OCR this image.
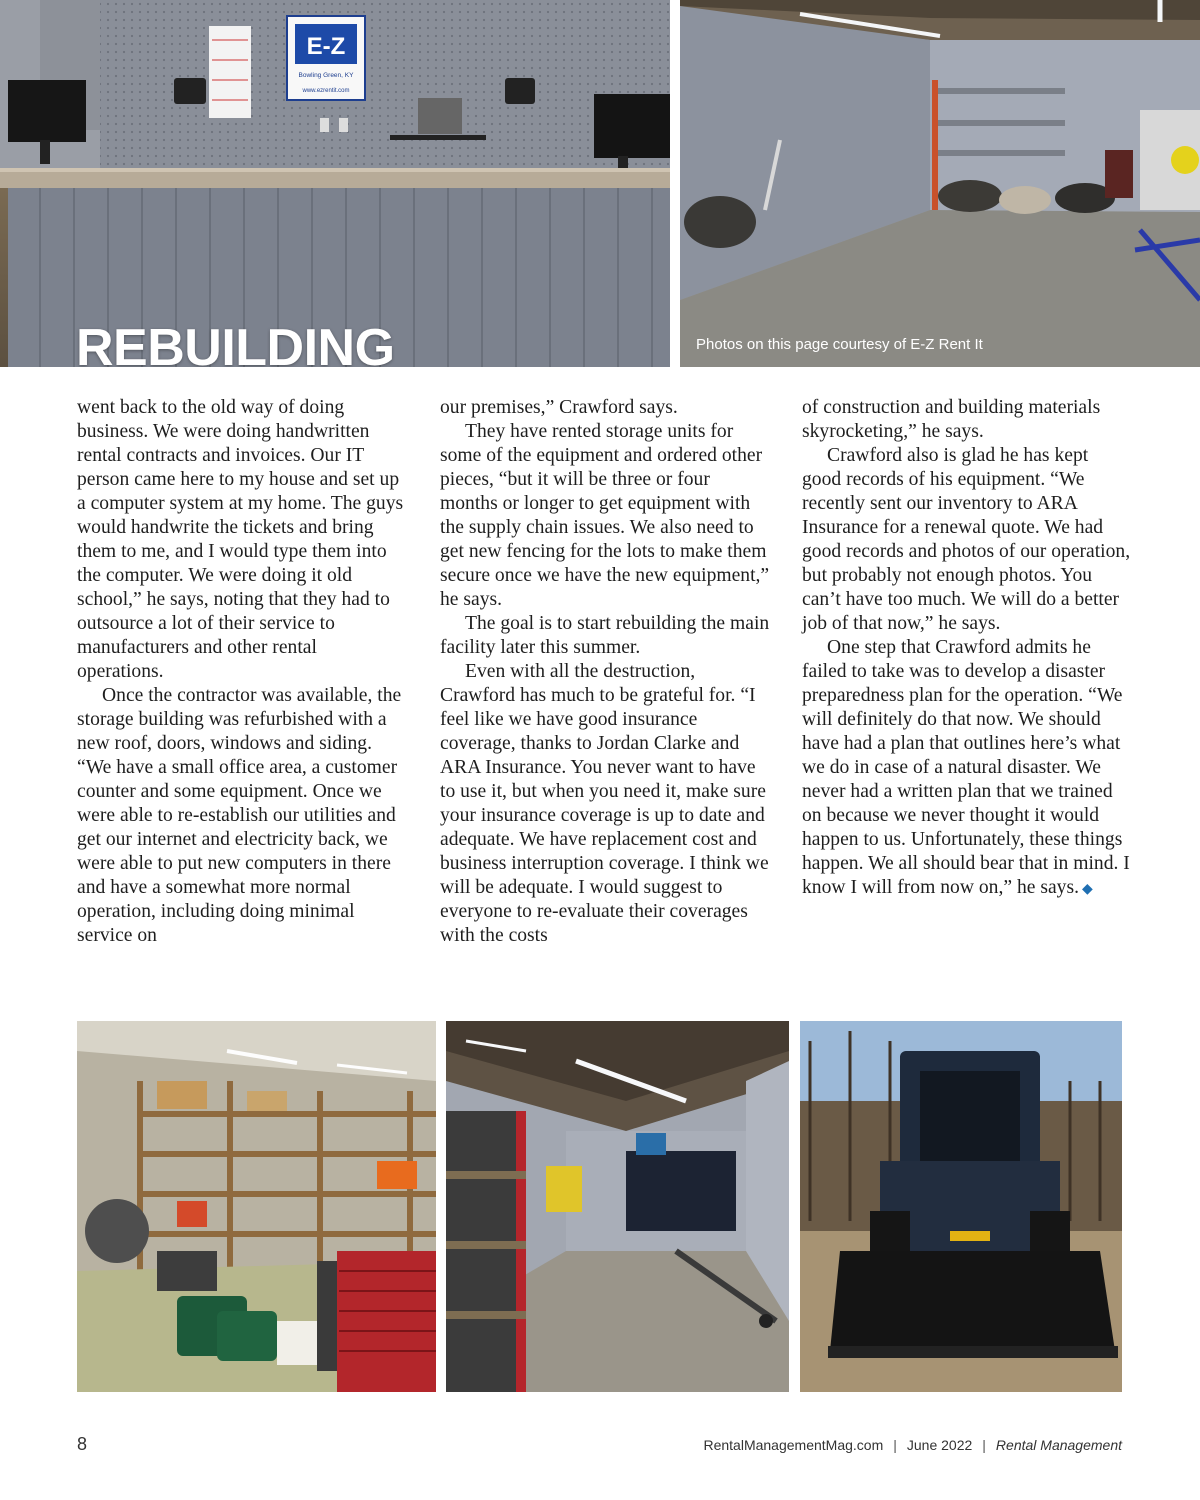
E-Z
Bowling Green, KY
www.ezrentit.com
REBUILDING	Photos on this page courtesy of E-Z Rent It

went back to the old way of doing business. We were doing handwritten rental contracts and invoices. Our IT person came here to my house and set up a computer system at my home. The guys would handwrite the tickets and bring them to me, and I would type them into the computer. We were doing it old school,” he says, noting that they had to outsource a lot of their service to manufacturers and other rental operations.

Once the contractor was available, the storage building was refurbished with a new roof, doors, windows and siding. “We have a small office area, a customer counter and some equipment. Once we were able to re-establish our utilities and get our internet and electricity back, we were able to put new computers in there and have a somewhat more normal operation, including doing minimal service on

our premises,” Crawford says.

They have rented storage units for some of the equipment and ordered other pieces, “but it will be three or four months or longer to get equipment with the supply chain issues. We also need to get new fencing for the lots to make them secure once we have the new equipment,” he says.

The goal is to start rebuilding the main facility later this summer.

Even with all the destruction, Crawford has much to be grateful for. “I feel like we have good insurance coverage, thanks to Jordan Clarke and ARA Insurance. You never want to have to use it, but when you need it, make sure your insurance coverage is up to date and adequate. We have replacement cost and business interruption coverage. I think we will be adequate. I would suggest to everyone to re-evaluate their coverages with the costs

of construction and building materials skyrocketing,” he says.

Crawford also is glad he has kept good records of his equipment. “We recently sent our inventory to ARA Insurance for a renewal quote. We had good records and photos of our operation, but probably not enough photos. You can’t have too much. We will do a better job of that now,” he says.

One step that Crawford admits he failed to take was to develop a disaster preparedness plan for the operation. “We will definitely do that now. We should have had a plan that outlines here’s what we do in case of a natural disaster. We never had a written plan that we trained on because we never thought it would happen to us. Unfortunately, these things happen. We all should bear that in mind. I know I will from now on,” he says. ◆

8	RentalManagementMag.com | June 2022 | Rental Management
